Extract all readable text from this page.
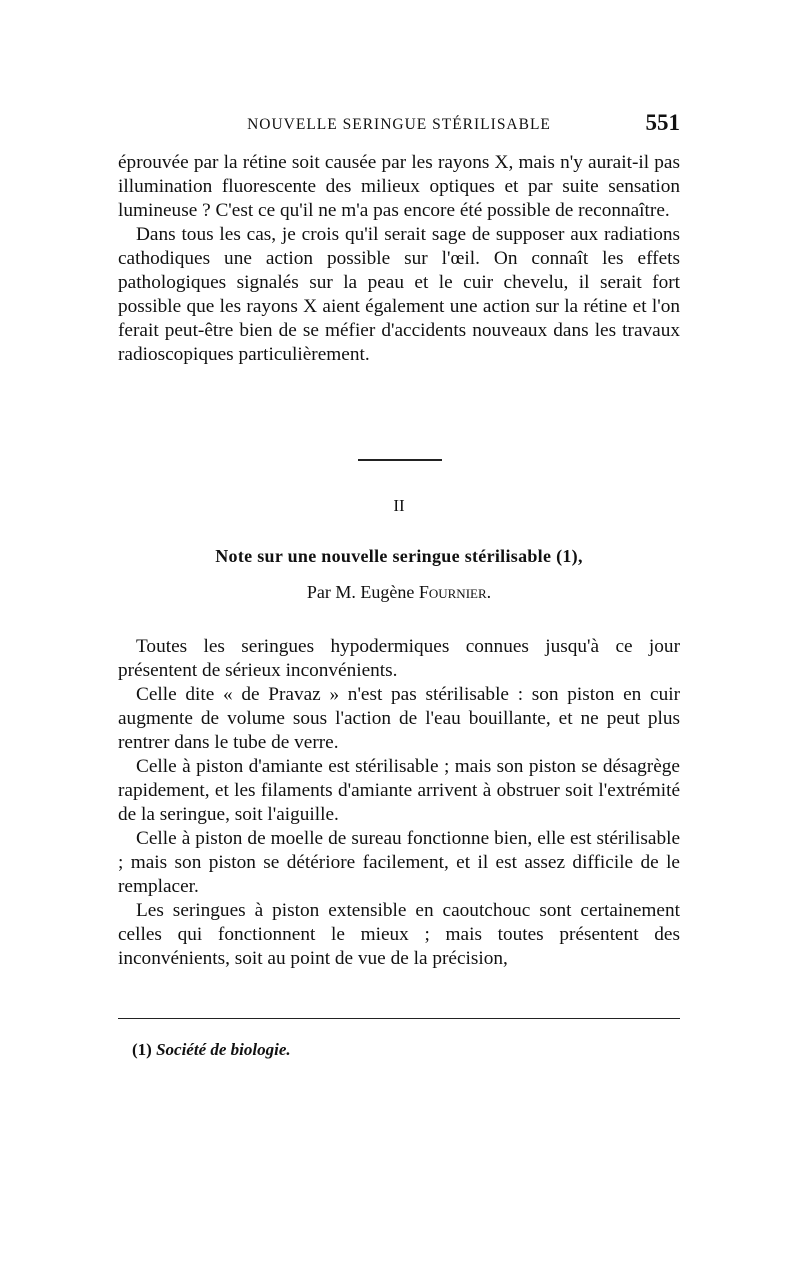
NOUVELLE SERINGUE STÉRILISABLE	551

éprouvée par la rétine soit causée par les rayons X, mais n'y aurait-il pas illumination fluorescente des milieux optiques et par suite sensation lumineuse ? C'est ce qu'il ne m'a pas encore été possible de reconnaître.

Dans tous les cas, je crois qu'il serait sage de supposer aux radiations cathodiques une action possible sur l'œil. On connaît les effets pathologiques signalés sur la peau et le cuir chevelu, il serait fort possible que les rayons X aient également une action sur la rétine et l'on ferait peut-être bien de se méfier d'accidents nouveaux dans les travaux radioscopiques particulièrement.

II
Note sur une nouvelle seringue stérilisable (1),
Par M. Eugène Fournier.

Toutes les seringues hypodermiques connues jusqu'à ce jour présentent de sérieux inconvénients.

Celle dite « de Pravaz » n'est pas stérilisable : son piston en cuir augmente de volume sous l'action de l'eau bouillante, et ne peut plus rentrer dans le tube de verre.

Celle à piston d'amiante est stérilisable ; mais son piston se désagrège rapidement, et les filaments d'amiante arrivent à obstruer soit l'extrémité de la seringue, soit l'aiguille.

Celle à piston de moelle de sureau fonctionne bien, elle est stérilisable ; mais son piston se détériore facilement, et il est assez difficile de le remplacer.

Les seringues à piston extensible en caoutchouc sont certainement celles qui fonctionnent le mieux ; mais toutes présentent des inconvénients, soit au point de vue de la précision,

(1) Société de biologie.
